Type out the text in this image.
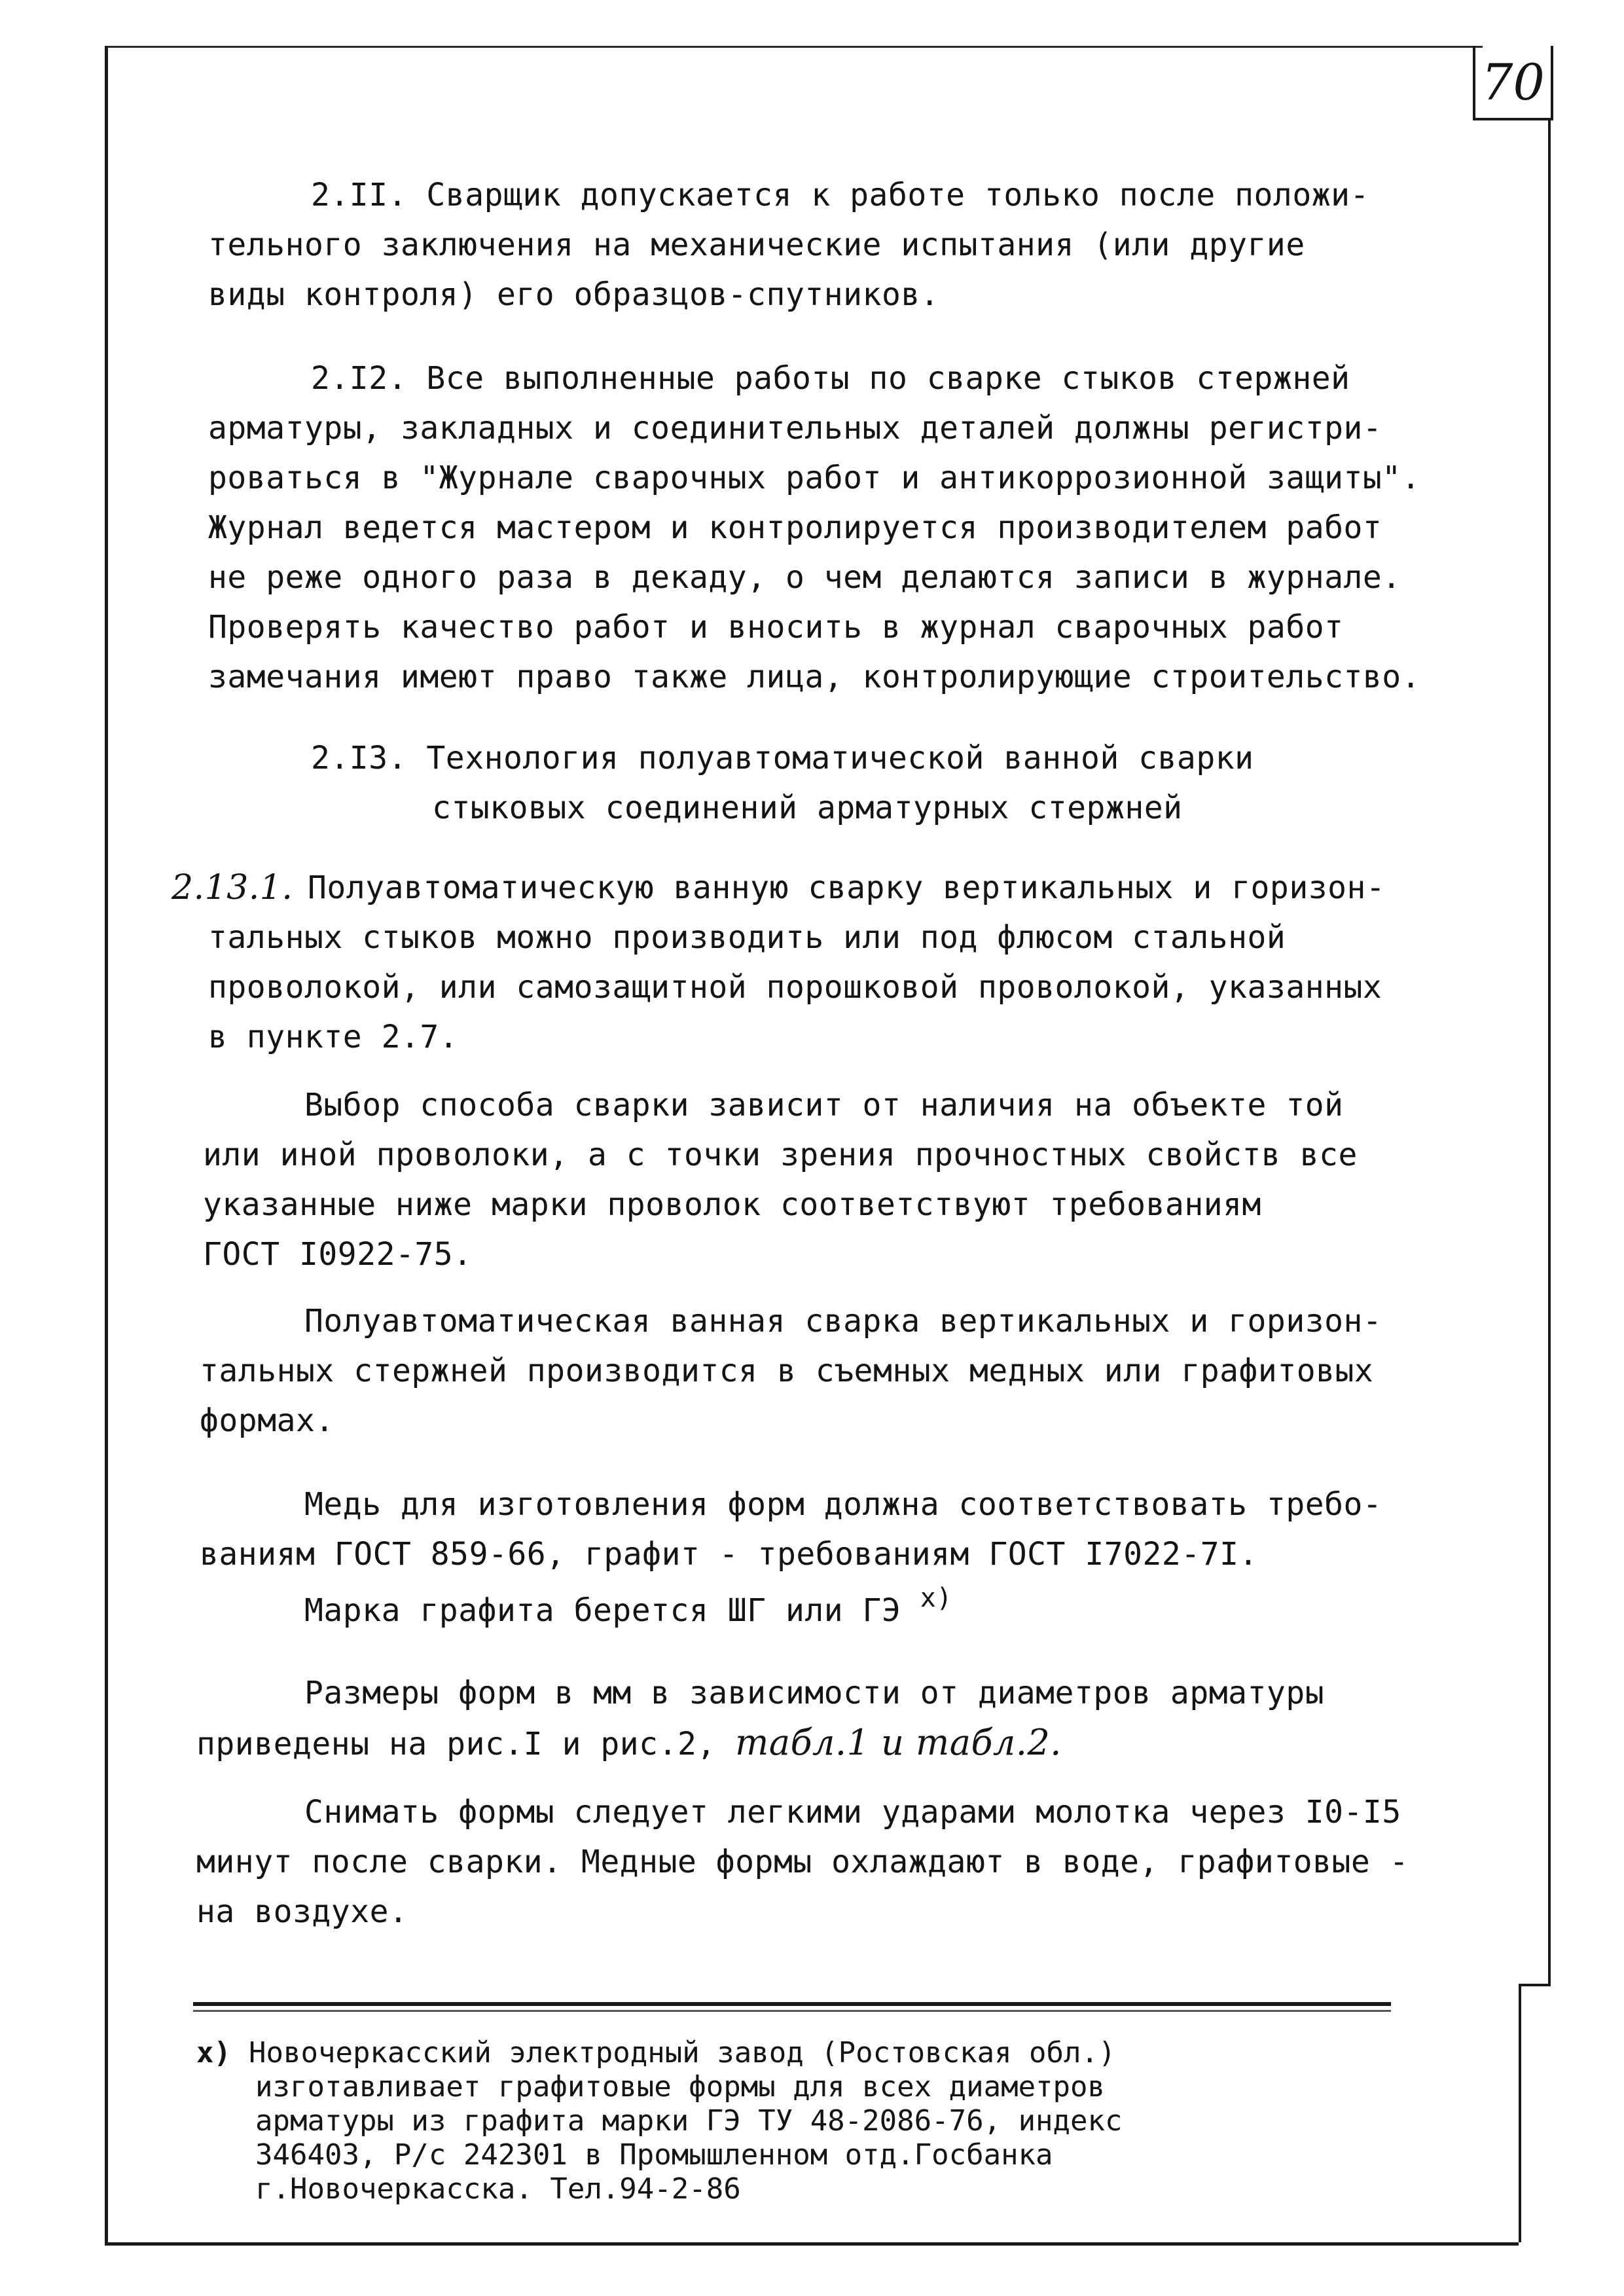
70
2.II. Сварщик допускается к работе только после положи-
тельного заключения на механические испытания (или другие
виды контроля) его образцов-спутников.
2.I2. Все выполненные работы по сварке стыков стержней
арматуры, закладных и соединительных деталей должны регистри-
роваться в "Журнале сварочных работ и антикоррозионной защиты".
Журнал ведется мастером и контролируется производителем работ
не реже одного раза в декаду, о чем делаются записи в журнале.
Проверять качество работ и вносить в журнал сварочных работ
замечания имеют право также лица, контролирующие строительство.
2.I3. Технология полуавтоматической ванной сварки
стыковых соединений арматурных стержней
2.13.1. Полуавтоматическую ванную сварку вертикальных и горизон-
тальных стыков можно производить или под флюсом стальной
проволокой, или самозащитной порошковой проволокой, указанных
в пункте 2.7.
Выбор способа сварки зависит от наличия на объекте той
или иной проволоки, а с точки зрения прочностных свойств все
указанные ниже марки проволок соответствуют требованиям
ГОСТ I0922-75.
Полуавтоматическая ванная сварка вертикальных и горизон-
тальных стержней производится в съемных медных или графитовых
формах.
Медь для изготовления форм должна соответствовать требо-
ваниям ГОСТ 859-66, графит - требованиям ГОСТ I7022-7I.
Марка графита берется ШГ или ГЭ $^{х)}$
Размеры форм в мм в зависимости от диаметров арматуры
приведены на рис.I и рис.2, табл.1 и табл.2.
Снимать формы следует легкими ударами молотка через I0-I5
минут после сварки. Медные формы охлаждают в воде, графитовые -
на воздухе.
х) Новочеркасский электродный завод (Ростовская обл.)
изготавливает графитовые формы для всех диаметров
арматуры из графита марки ГЭ ТУ 48-2086-76, индекс
346403, Р/с 242301 в Промышленном отд.Госбанка
г.Новочеркасска. Тел.94-2-86
